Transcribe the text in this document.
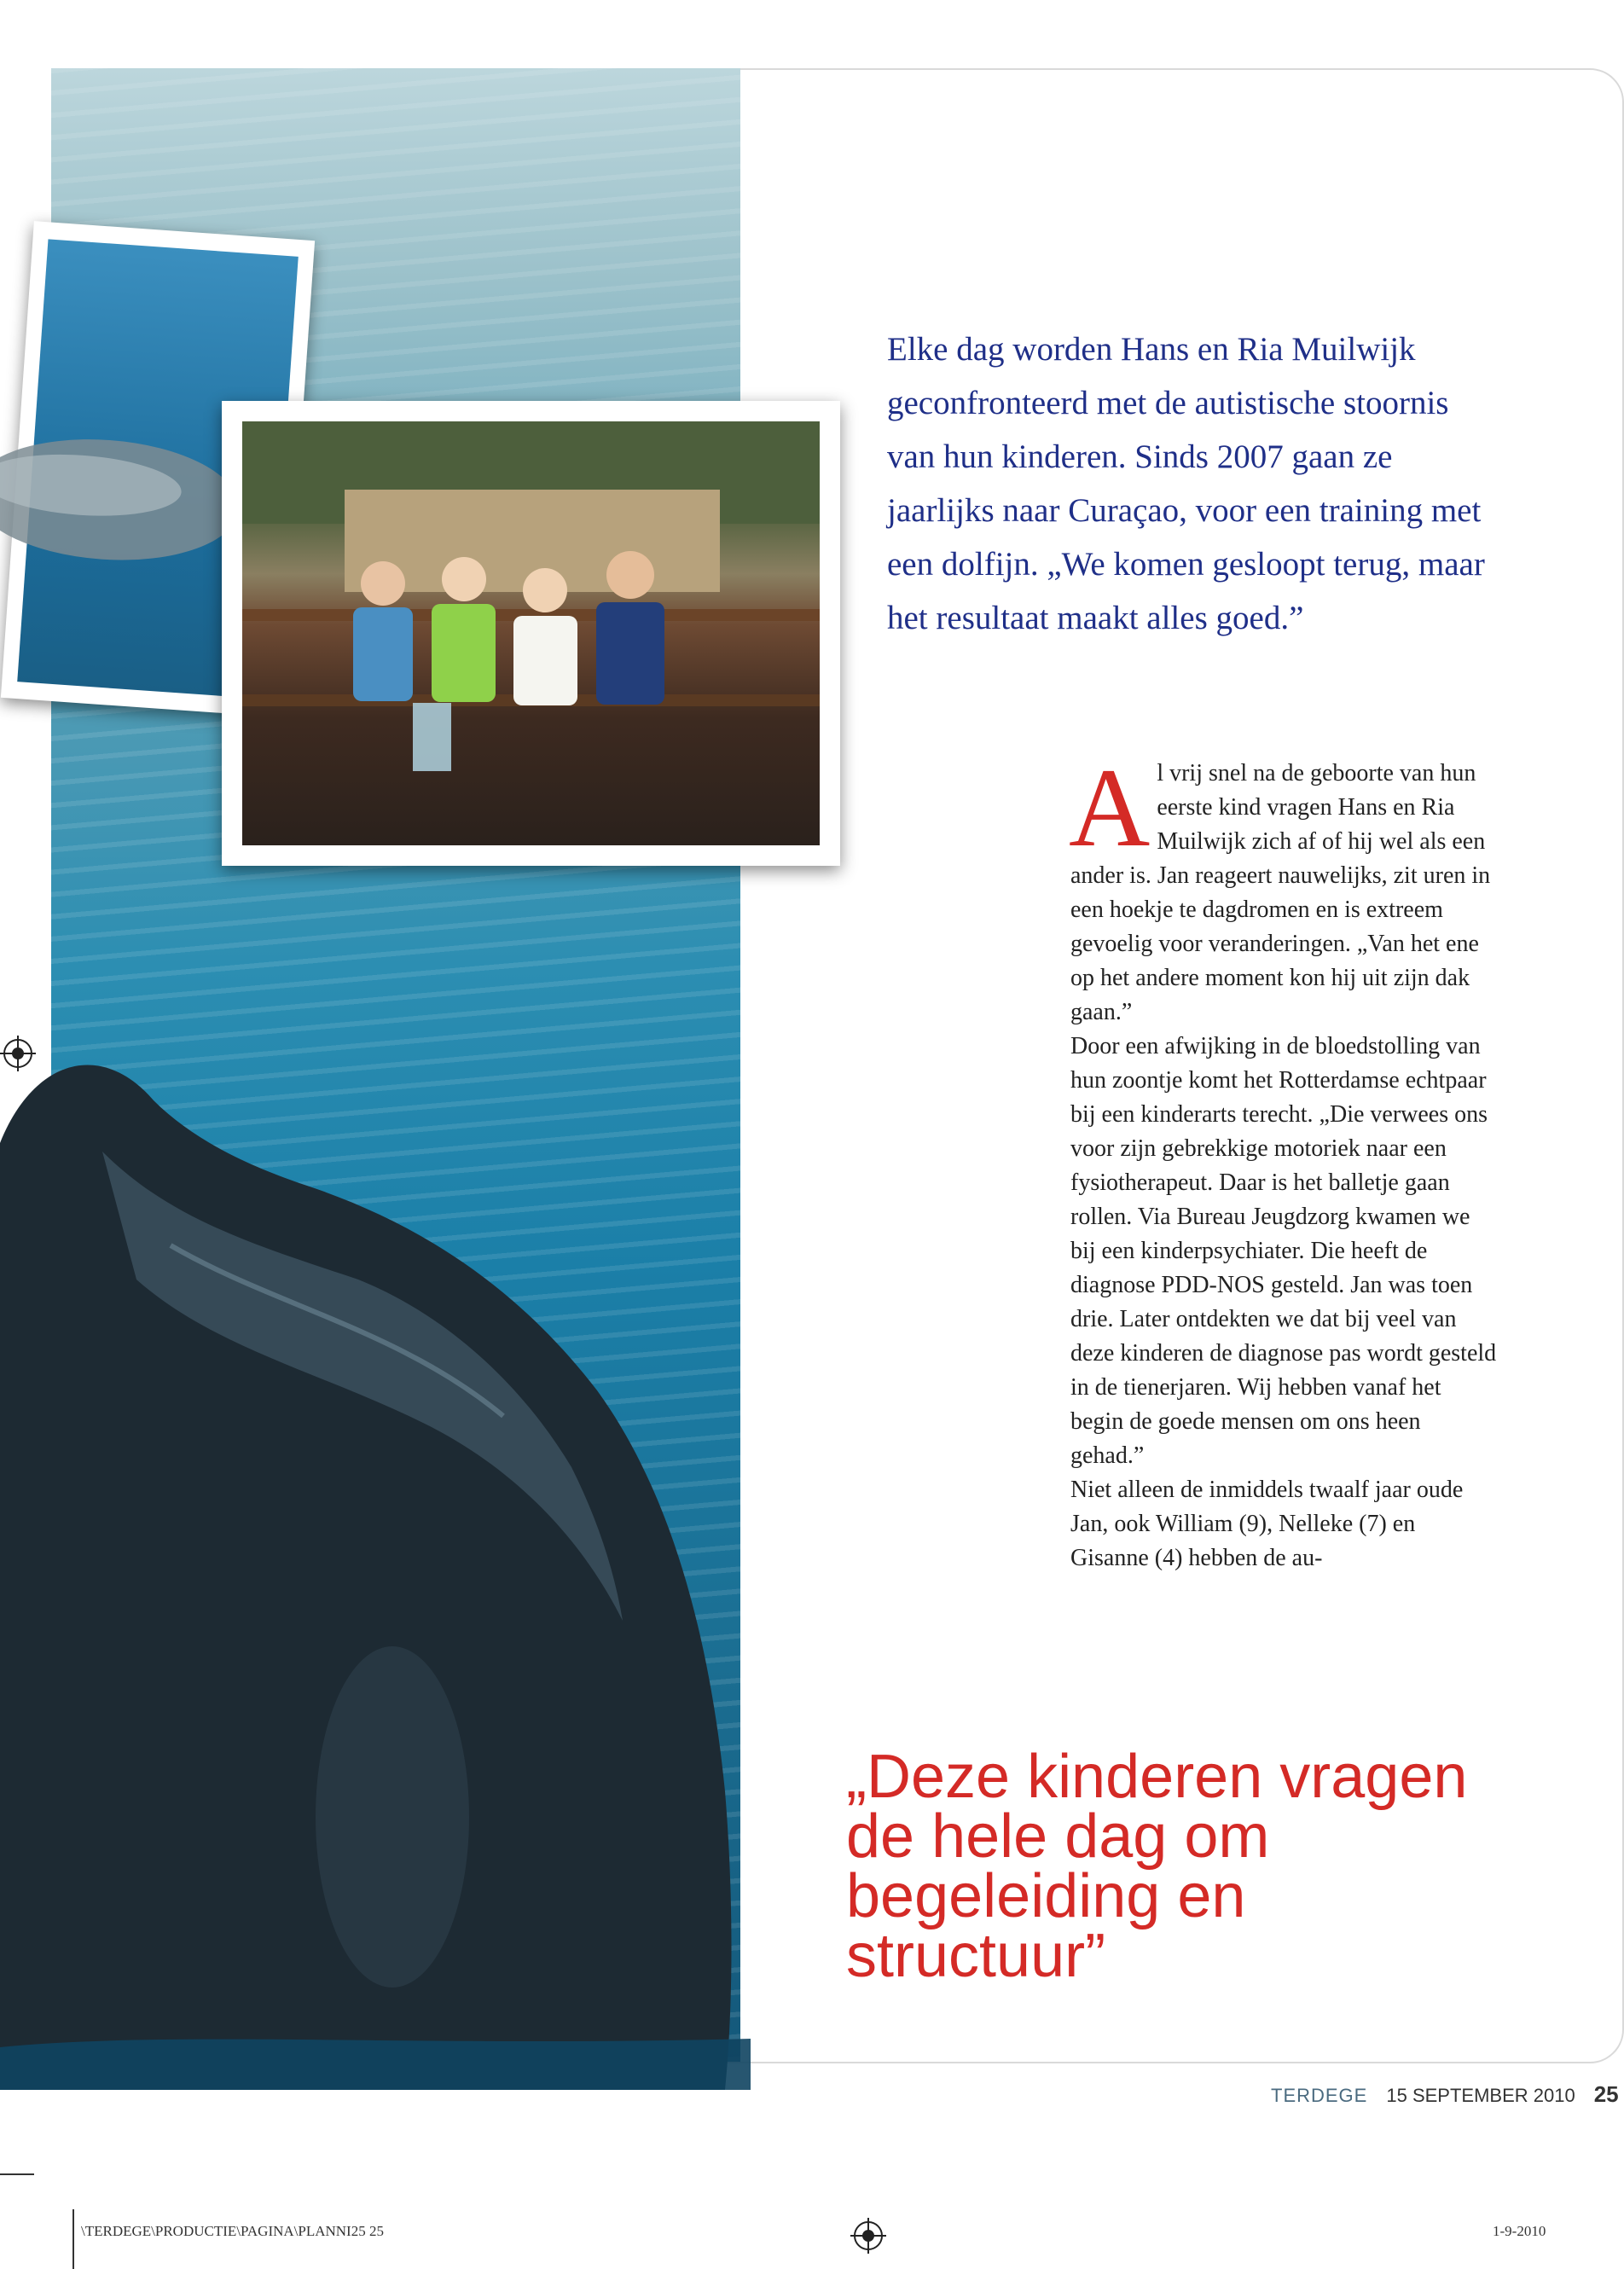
Elke dag worden Hans en Ria Muilwijk geconfronteerd met de autistische stoornis van hun kinderen. Sinds 2007 gaan ze jaarlijks naar Curaçao, voor een training met een dolfijn. „We komen gesloopt terug, maar het resultaat maakt alles goed.”

Al vrij snel na de geboorte van hun eerste kind vragen Hans en Ria Muilwijk zich af of hij wel als een ander is. Jan reageert nauwelijks, zit uren in een hoekje te dagdromen en is extreem gevoelig voor veranderingen. „Van het ene op het andere moment kon hij uit zijn dak gaan.”

Door een afwijking in de bloedstolling van hun zoontje komt het Rotterdamse echtpaar bij een kinderarts terecht. „Die verwees ons voor zijn gebrekkige motoriek naar een fysiotherapeut. Daar is het balletje gaan rollen. Via Bureau Jeugdzorg kwamen we bij een kinderpsychiater. Die heeft de diagnose PDD-NOS gesteld. Jan was toen drie. Later ontdekten we dat bij veel van deze kinderen de diagnose pas wordt gesteld in de tienerjaren. Wij hebben vanaf het begin de goede mensen om ons heen gehad.”

Niet alleen de inmiddels twaalf jaar oude Jan, ook William (9), Nelleke (7) en Gisanne (4) hebben de au-

„Deze kinderen vragen de hele dag om begeleiding en structuur”

TERDEGE 15 SEPTEMBER 2010 25
\TERDEGE\PRODUCTIE\PAGINA\PLANNI25 25	1-9-2010
